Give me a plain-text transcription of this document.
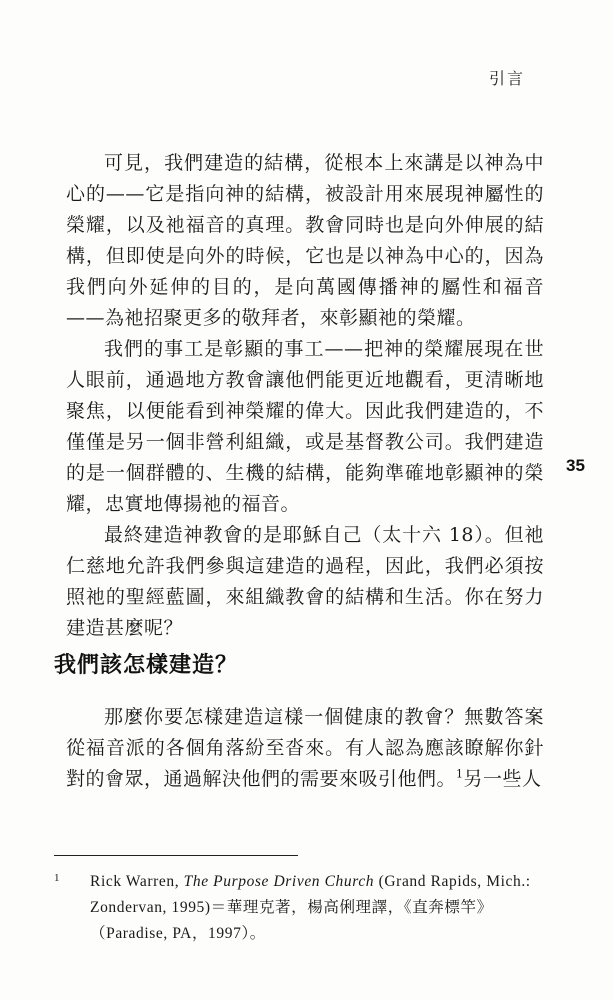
引言
35

可見，我們建造的結構，從根本上來講是以神為中心的——它是指向神的結構，被設計用來展現神屬性的榮耀，以及祂福音的真理。教會同時也是向外伸展的結構，但即使是向外的時候，它也是以神為中心的，因為我們向外延伸的目的，是向萬國傳播神的屬性和福音——為祂招聚更多的敬拜者，來彰顯祂的榮耀。

我們的事工是彰顯的事工——把神的榮耀展現在世人眼前，通過地方教會讓他們能更近地觀看，更清晰地聚焦，以便能看到神榮耀的偉大。因此我們建造的，不僅僅是另一個非營利組織，或是基督教公司。我們建造的是一個群體的、生機的結構，能夠準確地彰顯神的榮耀，忠實地傳揚祂的福音。

最終建造神教會的是耶穌自己（太十六 18）。但祂仁慈地允許我們參與這建造的過程，因此，我們必須按照祂的聖經藍圖，來組織教會的結構和生活。你在努力建造甚麼呢？

我們該怎樣建造？

那麼你要怎樣建造這樣一個健康的教會？無數答案從福音派的各個角落紛至沓來。有人認為應該瞭解你針對的會眾，通過解決他們的需要來吸引他們。$^1$另一些人

1 Rick Warren, The Purpose Driven Church (Grand Rapids, Mich.: Zondervan, 1995)＝華理克著，楊高俐理譯，《直奔標竿》（Paradise, PA，1997）。
